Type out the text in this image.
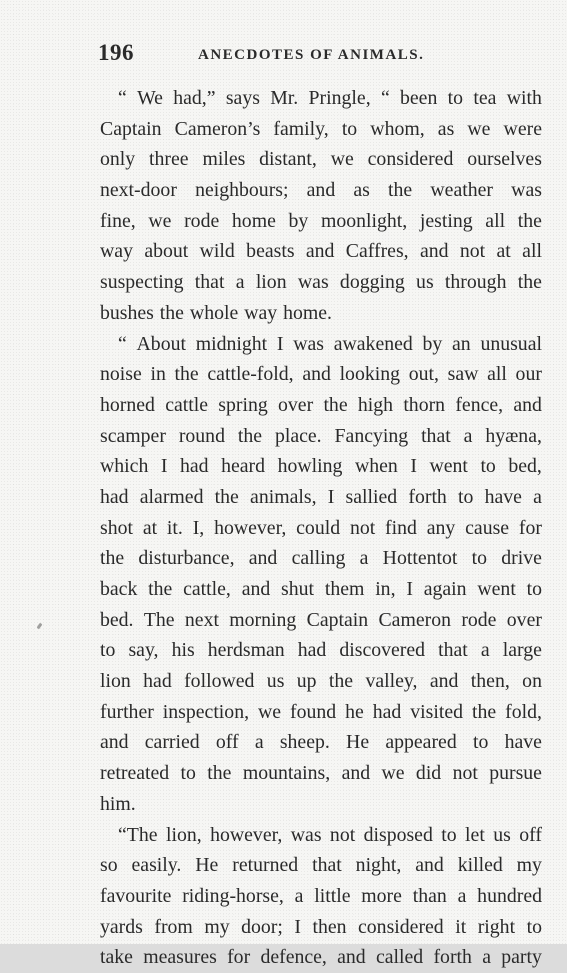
196	ANECDOTES OF ANIMALS.
“ We had,” says Mr. Pringle, “ been to tea with
Captain Cameron’s family, to whom, as we were
only three miles distant, we considered ourselves
next-door neighbours; and as the weather was
fine, we rode home by moonlight, jesting all the
way about wild beasts and Caffres, and not at all
suspecting that a lion was dogging us through the
bushes the whole way home.
“ About midnight I was awakened by an unusual
noise in the cattle-fold, and looking out, saw all our
horned cattle spring over the high thorn fence, and
scamper round the place. Fancying that a hyæna,
which I had heard howling when I went to bed,
had alarmed the animals, I sallied forth to have a
shot at it. I, however, could not find any cause for
the disturbance, and calling a Hottentot to drive
back the cattle, and shut them in, I again went to
bed. The next morning Captain Cameron rode over
to say, his herdsman had discovered that a large
lion had followed us up the valley, and then, on
further inspection, we found he had visited the fold,
and carried off a sheep. He appeared to have
retreated to the mountains, and we did not pursue
him.
“The lion, however, was not disposed to let us off
so easily. He returned that night, and killed my
favourite riding-horse, a little more than a hundred
yards from my door; I then considered it right to
take measures for defence, and called forth a party
